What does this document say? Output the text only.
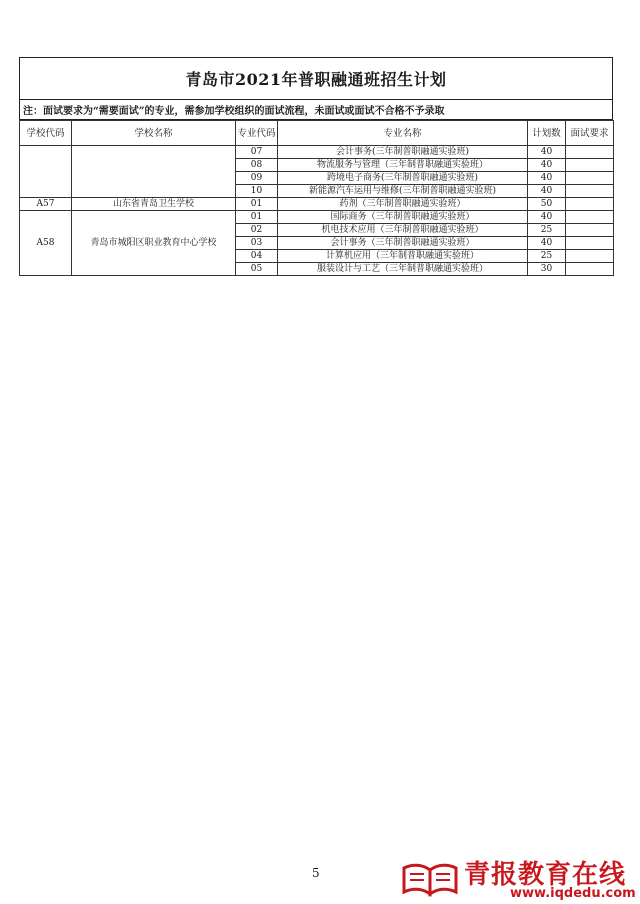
青岛市2021年普职融通班招生计划
注：面试要求为“需要面试”的专业，需参加学校组织的面试流程，未面试或面试不合格不予录取
学校代码	学校名称	专业代码	专业名称	计划数	面试要求
		07	会计事务(三年制普职融通实验班)	40	
		08	物流服务与管理（三年制普职融通实验班）	40	
		09	跨境电子商务(三年制普职融通实验班)	40	
		10	新能源汽车运用与维修(三年制普职融通实验班)	40	
A57	山东省青岛卫生学校	01	药剂（三年制普职融通实验班）	50	
A58	青岛市城阳区职业教育中心学校	01	国际商务（三年制普职融通实验班）	40	
		02	机电技术应用（三年制普职融通实验班）	25	
		03	会计事务（三年制普职融通实验班）	40	
		04	计算机应用（三年制普职融通实验班）	25	
		05	服装设计与工艺（三年制普职融通实验班）	30	
5	青报教育在线
www.iqdedu.com
